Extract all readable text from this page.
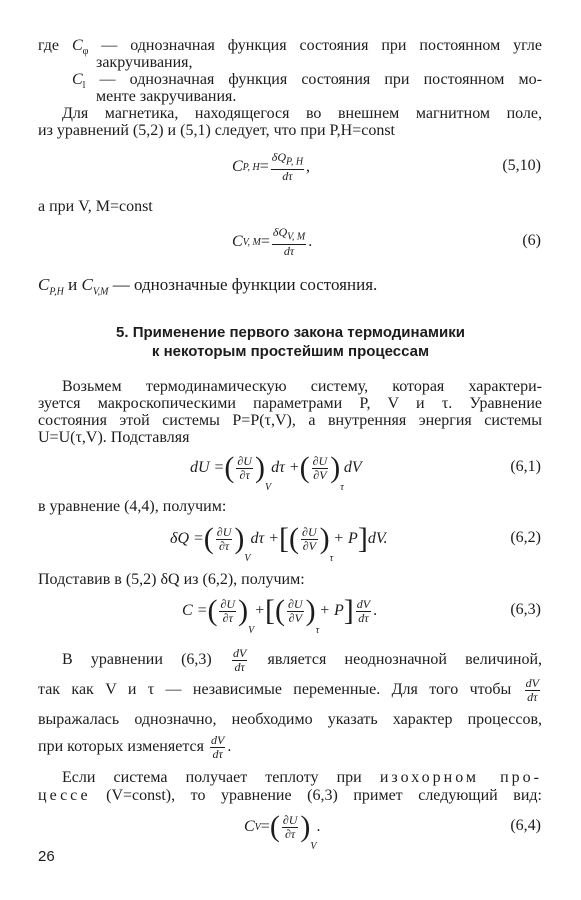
где $C_\varphi$ — однозначная функция состояния при постоянном угле
закручивания,
$C_l$ — однозначная функция состояния при постоянном мо-
менте закручивания.
Для магнетика, находящегося во внешнем магнитном поле,
из уравнений (5,2) и (5,1) следует, что при P,H=const
C P, $H = \frac{\delta Q_{P, H}}{d\tau}$ ,	(5,10)
а при V, M=const
C V, $M = \frac{\delta Q_{V, M}}{d\tau}$ .	(6)
$C_{P,H}$ и $C_{V,M}$ — однозначные функции состояния.
5. Применение первого закона термодинамики
к некоторым простейшим процессам
Возьмем термодинамическую систему, которая характери-
зуется макроскопическими параметрами P, V и τ. Уравнение
состояния этой системы P=P(τ,V), а внутренняя энергия системы
U=U(τ,V). Подставляя
dU = ( $\frac{\partial U}{\partial\tau}$ )
$_V$
dτ + ( $\frac{\partial U}{\partial V}$ )
$_\tau$
dV	(6,1)
в уравнение (4,4), получим:
δQ = ( $\frac{\partial U}{\partial\tau}$ )
$_V$
dτ + [ ( $\frac{\partial U}{\partial V}$ )
$_\tau$
+ P ] dV.	(6,2)
Подставив в (5,2) δQ из (6,2), получим:
C = ( $\frac{\partial U}{\partial\tau}$ )
$_V$
+ [ ( $\frac{\partial U}{\partial V}$ )
$_\tau$
+ P ] $\frac{dV}{d\tau}$ .	(6,3)
В уравнении $(6,3) \frac{dV}{d\tau}$ является неоднозначной величиной,
так как V и τ — независимые переменные. Для того чтобы $\frac{dV}{d\tau}$
выражалась однозначно, необходимо указать характер процессов,
при которых изменяется $\frac{dV}{d\tau}$ .
Если система получает теплоту при изохорном про-
цессе (V=const), то уравнение (6,3) примет следующий вид:
C V = ( $\frac{\partial U}{\partial\tau}$ )
$_V$
.	(6,4)
26
